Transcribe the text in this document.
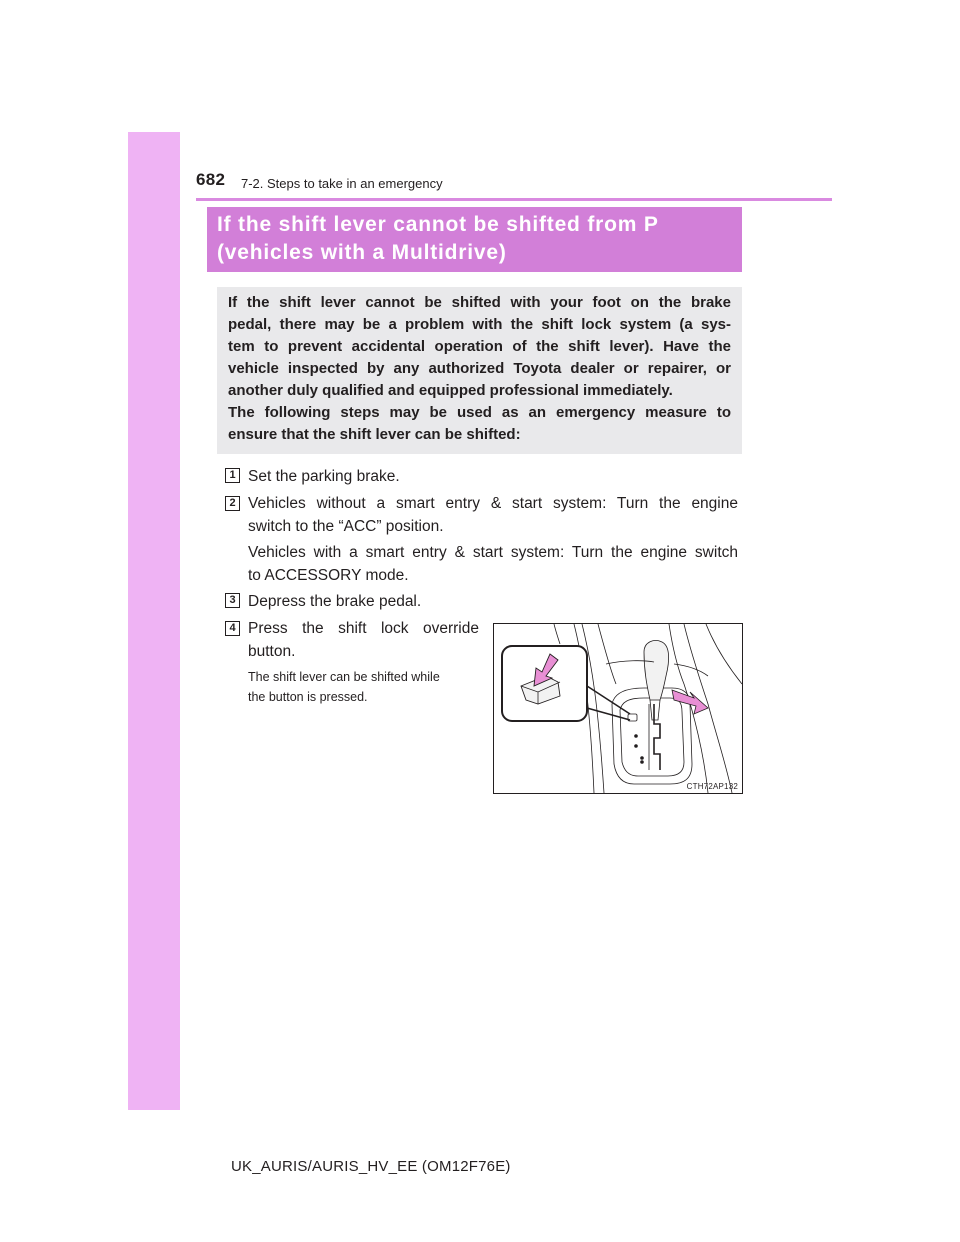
682 7-2. Steps to take in an emergency
If the shift lever cannot be shifted from P
(vehicles with a Multidrive)
If the shift lever cannot be shifted with your foot on the brake
pedal, there may be a problem with the shift lock system (a sys-
tem to prevent accidental operation of the shift lever). Have the
vehicle inspected by any authorized Toyota dealer or repairer, or
another duly qualified and equipped professional immediately.
The following steps may be used as an emergency measure to
ensure that the shift lever can be shifted:
1 Set the parking brake.
2 Vehicles without a smart entry & start system: Turn the engine
switch to the “ACC” position.
Vehicles with a smart entry & start system: Turn the engine switch
to ACCESSORY mode.
3 Depress the brake pedal.
4 Press the shift lock override
button.
The shift lever can be shifted while
the button is pressed.
CTH72AP132
UK_AURIS/AURIS_HV_EE (OM12F76E)
